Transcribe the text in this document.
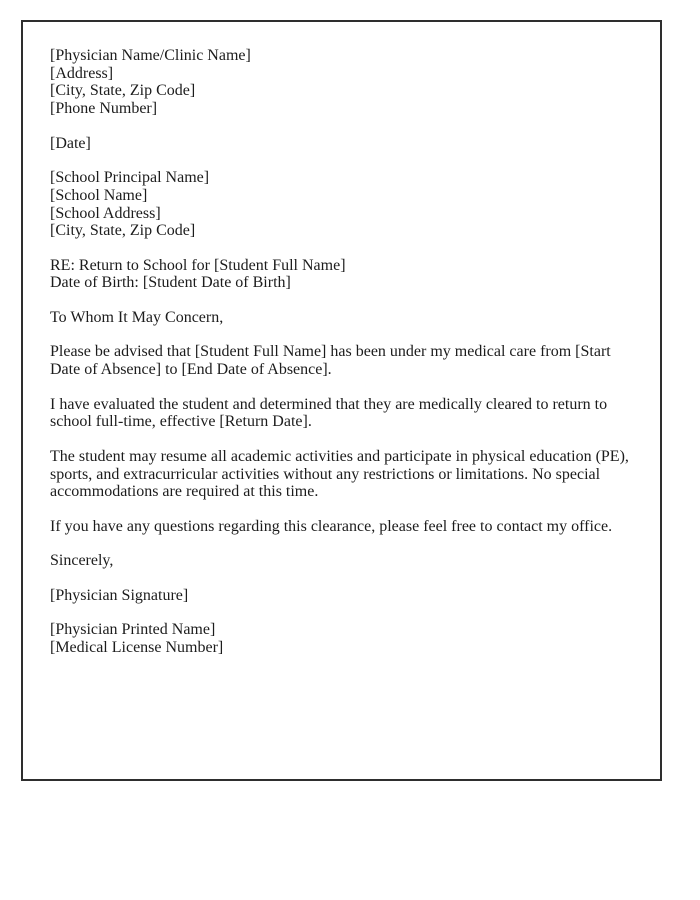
[Physician Name/Clinic Name]
[Address]
[City, State, Zip Code]
[Phone Number]
[Date]
[School Principal Name]
[School Name]
[School Address]
[City, State, Zip Code]
RE: Return to School for [Student Full Name]
Date of Birth: [Student Date of Birth]
To Whom It May Concern,
Please be advised that [Student Full Name] has been under my medical care from [Start
Date of Absence] to [End Date of Absence].
I have evaluated the student and determined that they are medically cleared to return to
school full-time, effective [Return Date].
The student may resume all academic activities and participate in physical education (PE),
sports, and extracurricular activities without any restrictions or limitations. No special
accommodations are required at this time.
If you have any questions regarding this clearance, please feel free to contact my office.
Sincerely,
[Physician Signature]
[Physician Printed Name]
[Medical License Number]
